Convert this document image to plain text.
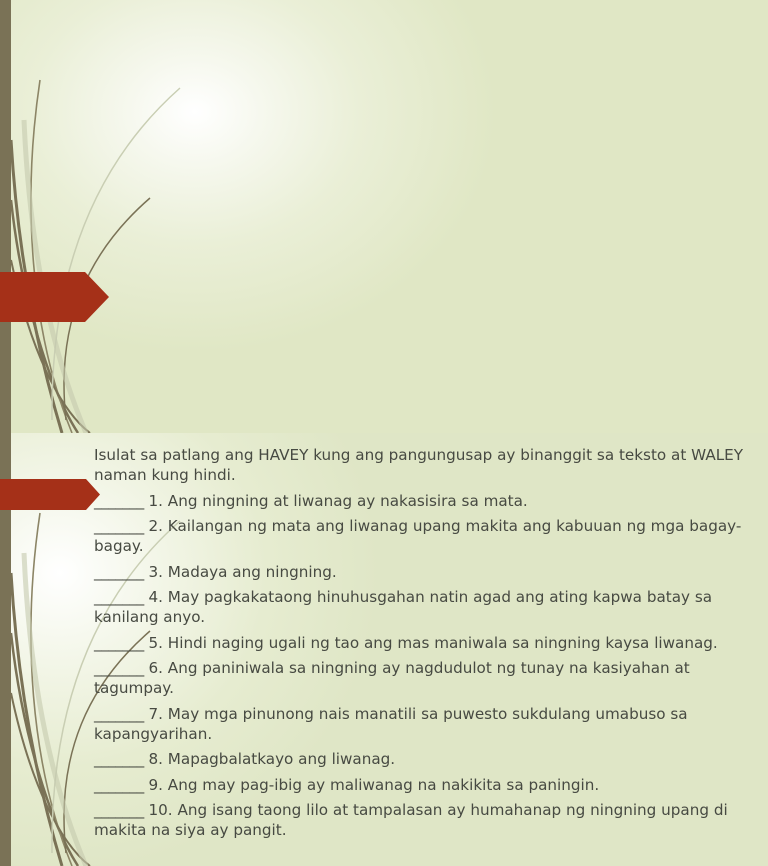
Isulat sa patlang ang HAVEY kung ang pangungusap ay binanggit sa teksto at WALEY naman kung hindi.

_______ 1. Ang ningning at liwanag ay nakasisira sa mata.

_______ 2. Kailangan ng mata ang liwanag upang makita ang kabuuan ng mga bagay-bagay.

_______ 3. Madaya ang ningning.

_______ 4. May pagkakataong hinuhusgahan natin agad ang ating kapwa batay sa kanilang anyo.

_______ 5. Hindi naging ugali ng tao ang mas maniwala sa ningning kaysa liwanag.

_______ 6. Ang paniniwala sa ningning ay nagdudulot ng tunay na kasiyahan at tagumpay.

_______ 7. May mga pinunong nais manatili sa puwesto sukdulang umabuso sa kapangyarihan.

_______ 8. Mapagbalatkayo ang liwanag.

_______ 9. Ang may pag-ibig ay maliwanag na nakikita sa paningin.

_______ 10. Ang isang taong lilo at tampalasan ay humahanap ng ningning upang di makita na siya ay pangit.
